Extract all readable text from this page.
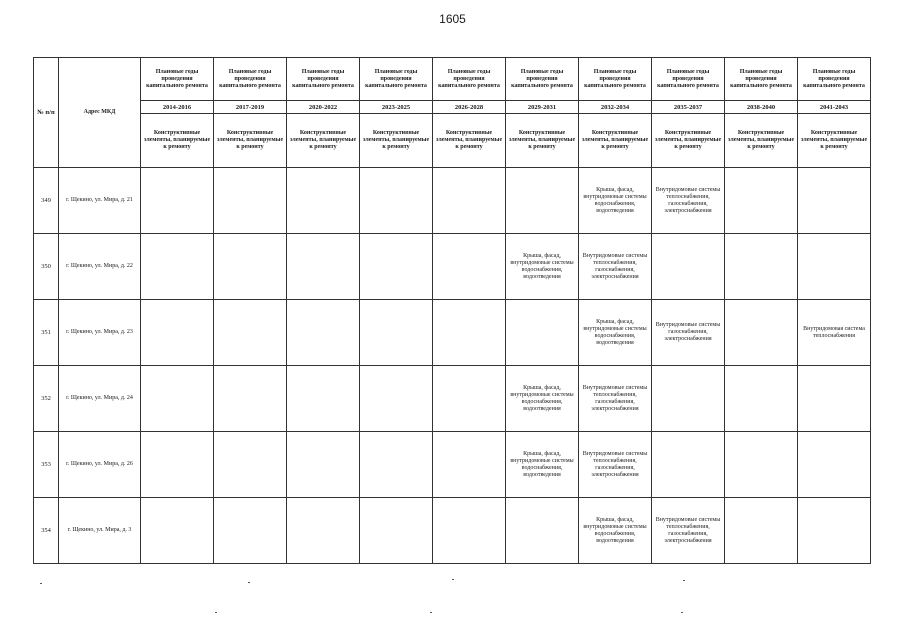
1605
№ п/п	Адрес МКД	Плановые годы проведения капитального ремонта	Плановые годы проведения капитального ремонта	Плановые годы проведения капитального ремонта	Плановые годы проведения капитального ремонта	Плановые годы проведения капитального ремонта	Плановые годы проведения капитального ремонта	Плановые годы проведения капитального ремонта	Плановые годы проведения капитального ремонта	Плановые годы проведения капитального ремонта	Плановые годы проведения капитального ремонта
		2014-2016	2017-2019	2020-2022	2023-2025	2026-2028	2029-2031	2032-2034	2035-2037	2038-2040	2041-2043
		Конструктивные элементы, планируемые к ремонту	Конструктивные элементы, планируемые к ремонту	Конструктивные элементы, планируемые к ремонту	Конструктивные элементы, планируемые к ремонту	Конструктивные элементы, планируемые к ремонту	Конструктивные элементы, планируемые к ремонту	Конструктивные элементы, планируемые к ремонту	Конструктивные элементы, планируемые к ремонту	Конструктивные элементы, планируемые к ремонту	Конструктивные элементы, планируемые к ремонту
349	г. Щекино, ул. Мира, д. 21							Крыша, фасад, внутридомовые системы водоснабжения, водоотведения	Внутридомовые системы теплоснабжения, газоснабжения, электроснабжения		
350	г. Щекино, ул. Мира, д. 22						Крыша, фасад, внутридомовые системы водоснабжения, водоотведения	Внутридомовые системы теплоснабжения, газоснабжения, электроснабжения			
351	г. Щекино, ул. Мира, д. 23							Крыша, фасад, внутридомовые системы водоснабжения, водоотведения	Внутридомовые системы газоснабжения, электроснабжения		Внутридомовая система теплоснабжения
352	г. Щекино, ул. Мира, д. 24						Крыша, фасад, внутридомовые системы водоснабжения, водоотведения	Внутридомовые системы теплоснабжения, газоснабжения, электроснабжения			
353	г. Щекино, ул. Мира, д. 26						Крыша, фасад, внутридомовые системы водоснабжения, водоотведения	Внутридомовые системы теплоснабжения, газоснабжения, электроснабжения			
354	г. Щекино, ул. Мира, д. 3							Крыша, фасад, внутридомовые системы водоснабжения, водоотведения	Внутридомовые системы теплоснабжения, газоснабжения, электроснабжения		
